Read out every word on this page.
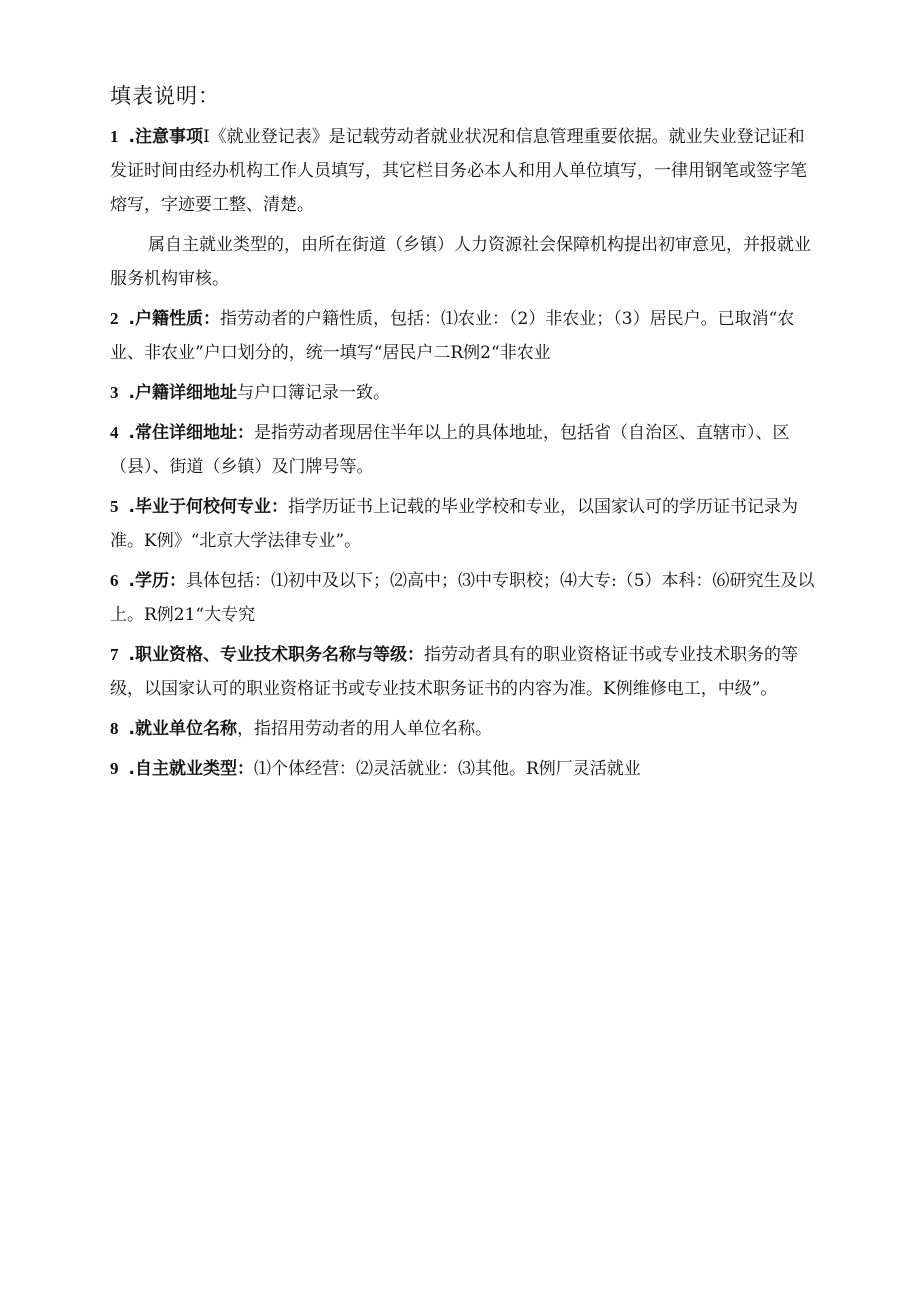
填表说明：

1 .注意事项I《就业登记表》是记载劳动者就业状况和信息管理重要依据。就业失业登记证和发证时间由经办机构工作人员填写，其它栏目务必本人和用人单位填写，一律用钢笔或签字笔熔写，字迹要工整、清楚。

属自主就业类型的，由所在街道（乡镇）人力资源社会保障机构提出初审意见，并报就业服务机构审核。

2 .户籍性质：指劳动者的户籍性质，包括：⑴农业：（2）非农业；（3）居民户。已取消“农业、非农业”户口划分的，统一填写“居民户二R例2“非农业

3 .户籍详细地址与户口簿记录一致。

4 .常住详细地址：是指劳动者现居住半年以上的具体地址，包括省（自治区、直辖市）、区（县）、街道（乡镇）及门牌号等。

5 .毕业于何校何专业：指学历证书上记载的毕业学校和专业，以国家认可的学历证书记录为准。K例》“北京大学法律专业”。

6 .学历：具体包括：⑴初中及以下；⑵高中；⑶中专职校；⑷大专:（5）本科：⑹研究生及以上。R例21“大专究

7 .职业资格、专业技术职务名称与等级：指劳动者具有的职业资格证书或专业技术职务的等级，以国家认可的职业资格证书或专业技术职务证书的内容为准。K例维修电工，中级”。

8 .就业单位名称，指招用劳动者的用人单位名称。

9 .自主就业类型：⑴个体经营：⑵灵活就业：⑶其他。R例厂灵活就业
